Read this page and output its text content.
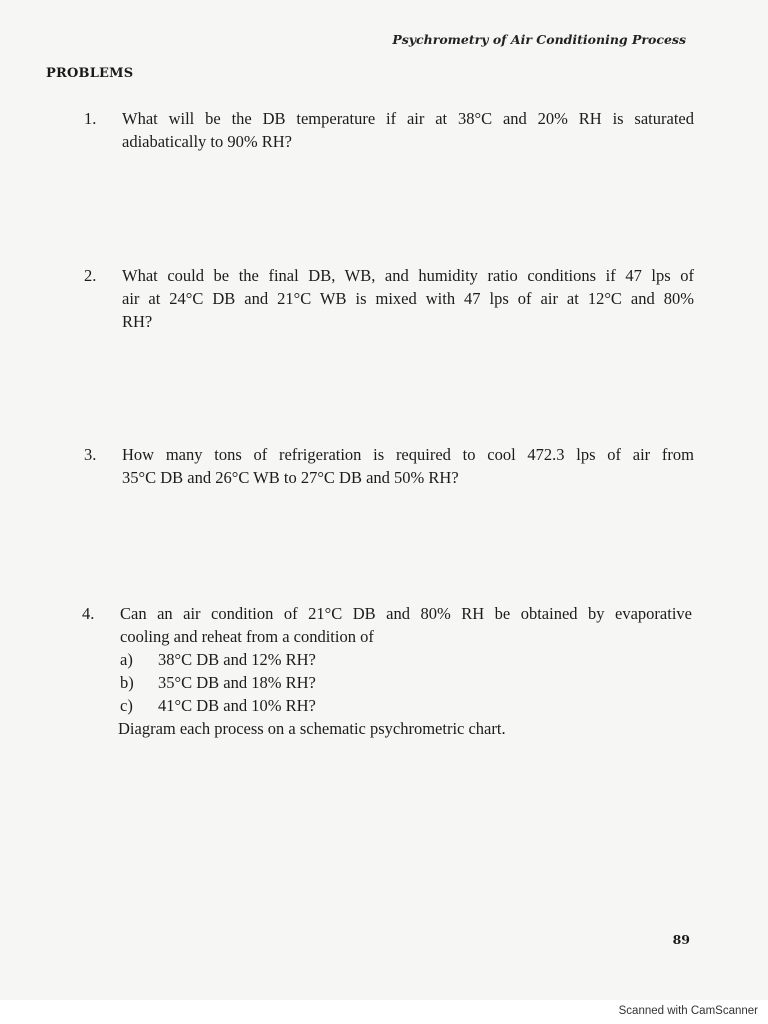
Psychrometry of Air Conditioning Process
PROBLEMS
1. What will be the DB temperature if air at 38°C and 20% RH is saturated
adiabatically to 90% RH?
2. What could be the final DB, WB, and humidity ratio conditions if 47 lps of
air at 24°C DB and 21°C WB is mixed with 47 lps of air at 12°C and 80%
RH?
3. How many tons of refrigeration is required to cool 472.3 lps of air from
35°C DB and 26°C WB to 27°C DB and 50% RH?
4. Can an air condition of 21°C DB and 80% RH be obtained by evaporative
cooling and reheat from a condition of
a) 38°C DB and 12% RH?
b) 35°C DB and 18% RH?
c) 41°C DB and 10% RH?
Diagram each process on a schematic psychrometric chart.
89
Scanned with CamScanner
